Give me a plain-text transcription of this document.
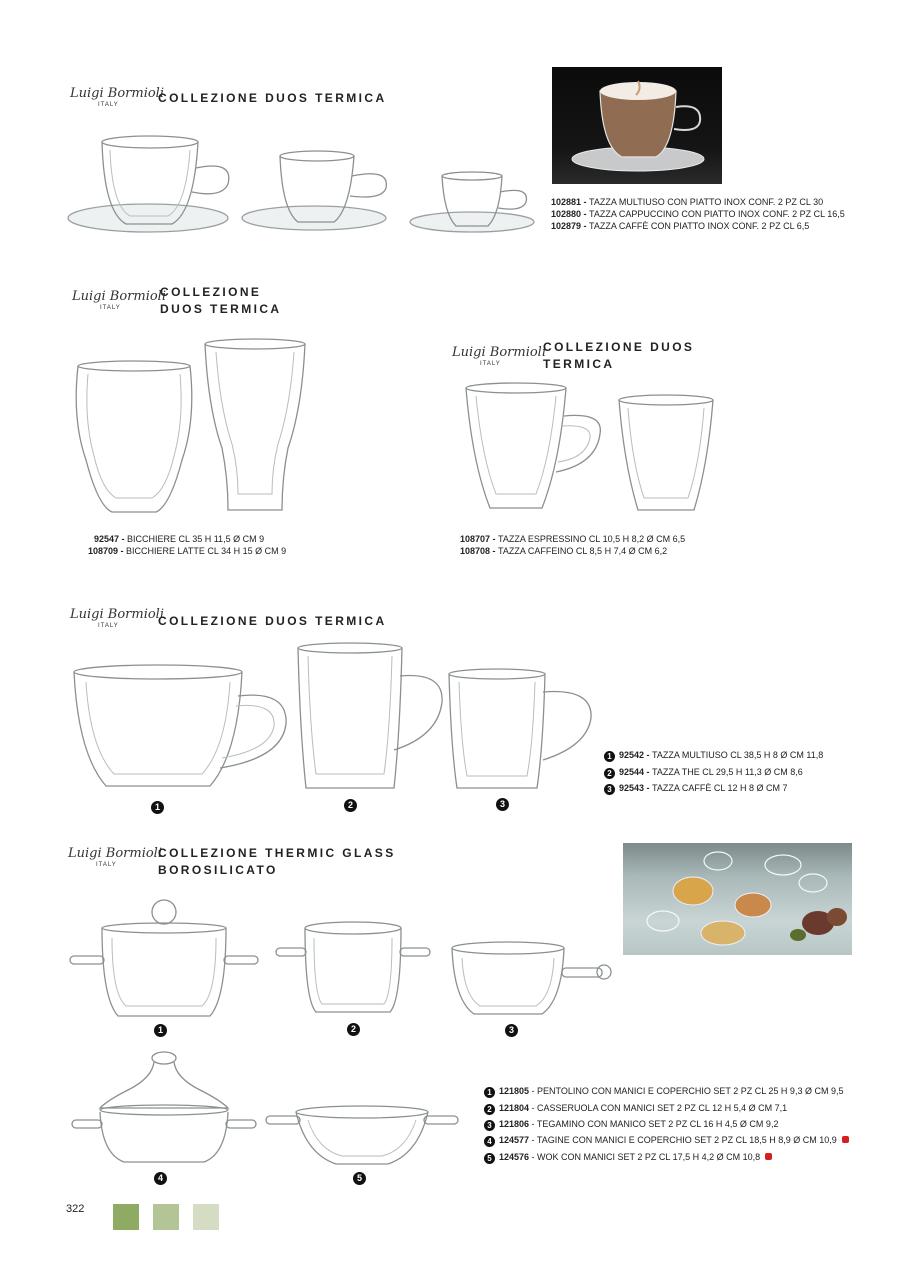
Luigi Bormioli
ITALY	COLLEZIONE DUOS TERMICA
102881 - TAZZA MULTIUSO CON PIATTO INOX CONF. 2 PZ CL 30
102880 - TAZZA CAPPUCCINO CON PIATTO INOX CONF. 2 PZ CL 16,5
102879 - TAZZA CAFFÈ CON PIATTO INOX CONF. 2 PZ CL 6,5
Luigi Bormioli
ITALY
COLLEZIONE
DUOS TERMICA
92547 - BICCHIERE CL 35 H 11,5 Ø CM 9
108709 - BICCHIERE LATTE CL 34 H 15 Ø CM 9
Luigi Bormioli
ITALY
COLLEZIONE DUOS
TERMICA
108707 - TAZZA ESPRESSINO CL 10,5 H 8,2 Ø CM 6,5
108708 - TAZZA CAFFEINO CL 8,5 H 7,4 Ø CM 6,2
Luigi Bormioli
ITALY	COLLEZIONE DUOS TERMICA
1	2	3
1 92542 - TAZZA MULTIUSO CL 38,5 H 8 Ø CM 11,8
2 92544 - TAZZA THE CL 29,5 H 11,3 Ø CM 8,6
3 92543 - TAZZA CAFFÈ CL 12 H 8 Ø CM 7
Luigi Bormioli
ITALY
COLLEZIONE THERMIC GLASS
BOROSILICATO
1	2	3
4	5
1 121805 - PENTOLINO CON MANICI E COPERCHIO SET 2 PZ CL 25 H 9,3 Ø CM 9,5
2 121804 - CASSERUOLA CON MANICI SET 2 PZ CL 12 H 5,4 Ø CM 7,1
3 121806 - TEGAMINO CON MANICO SET 2 PZ CL 16 H 4,5 Ø CM 9,2
4 124577 - TAGINE CON MANICI E COPERCHIO SET 2 PZ CL 18,5 H 8,9 Ø CM 10,9
5 124576 - WOK CON MANICI SET 2 PZ CL 17,5 H 4,2 Ø CM 10,8
322
